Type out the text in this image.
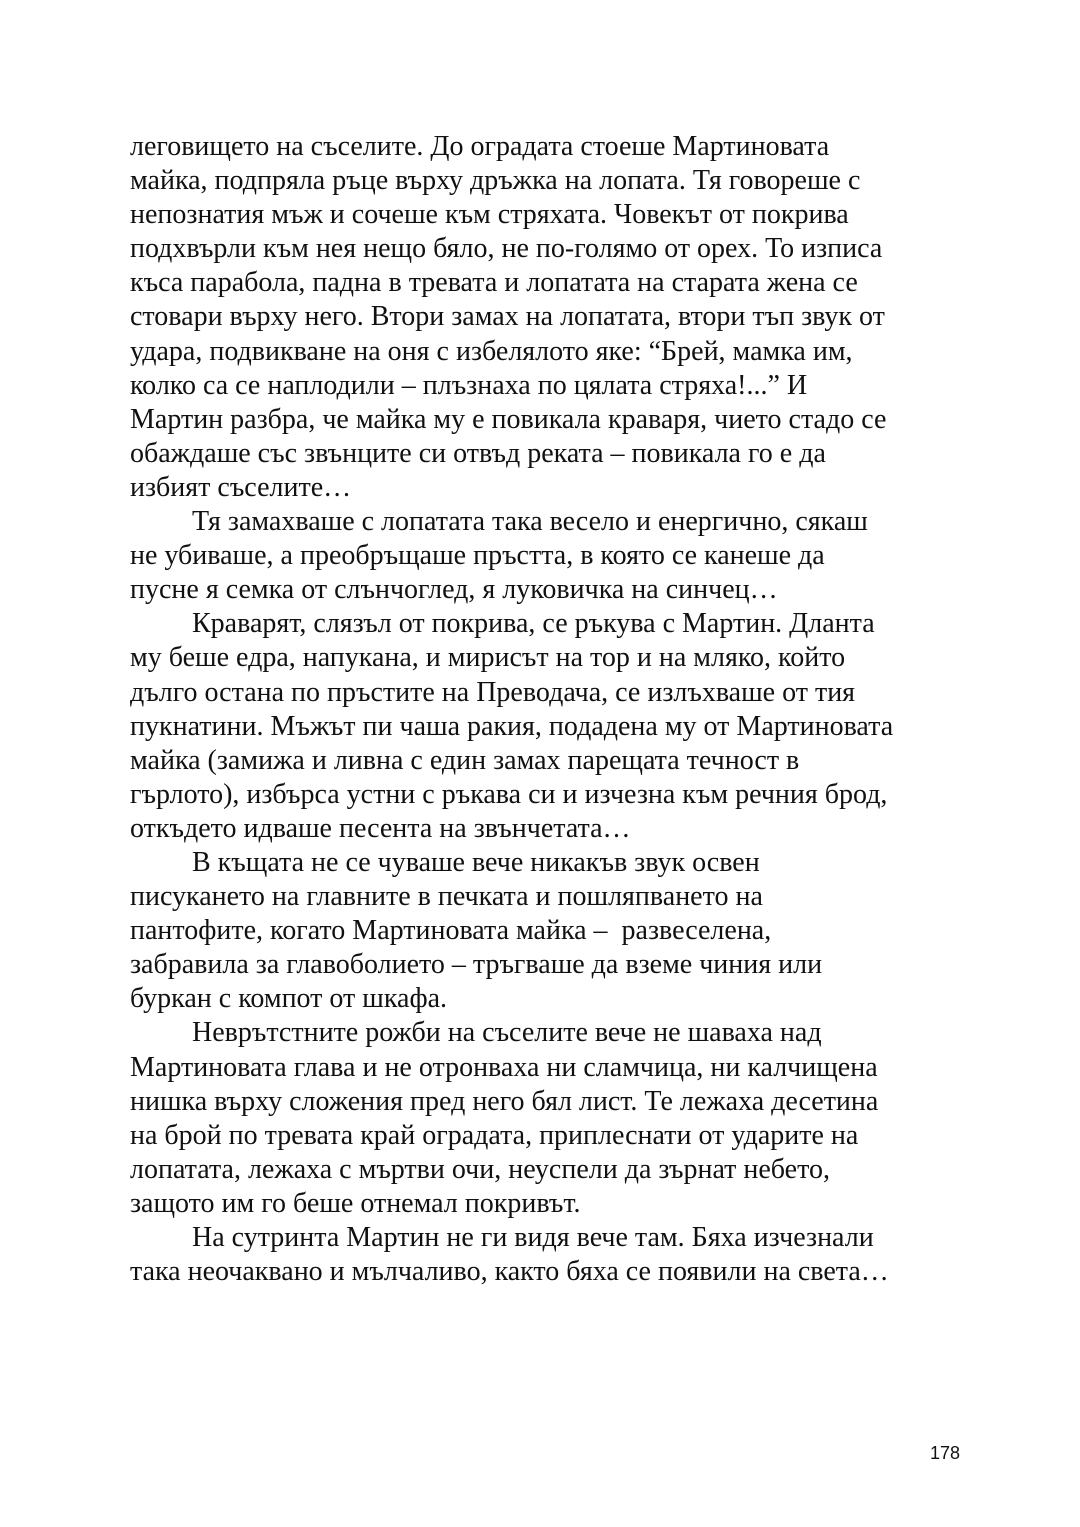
леговището на съселите. До оградата стоеше Мартиновата
майка, подпряла ръце върху дръжка на лопата. Тя говореше с
непознатия мъж и сочеше към стряхата. Човекът от покрива
подхвърли към нея нещо бяло, не по-голямо от орех. То изписа
къса парабола, падна в тревата и лопатата на старата жена се
стовари върху него. Втори замах на лопатата, втори тъп звук от
удара, подвикване на оня с избелялото яке: “Брей, мамка им,
колко са се наплодили – плъзнаха по цялата стряха!...” И
Мартин разбра, че майка му е повикала краваря, чието стадо се
обаждаше със звънците си отвъд реката – повикала го е да
избият съселите…

Тя замахваше с лопатата така весело и енергично, сякаш
не убиваше, а преобръщаше пръстта, в която се канеше да
пусне я семка от слънчоглед, я луковичка на синчец…

Краварят, слязъл от покрива, се ръкува с Мартин. Дланта
му беше едра, напукана, и мирисът на тор и на мляко, който
дълго остана по пръстите на Преводача, се излъхваше от тия
пукнатини. Мъжът пи чаша ракия, подадена му от Мартиновата
майка (замижа и ливна с един замах парещата течност в
гърлото), избърса устни с ръкава си и изчезна към речния брод,
откъдето идваше песента на звънчетата…

В къщата не се чуваше вече никакъв звук освен
писукането на главните в печката и пошляпването на
пантофите, когато Мартиновата майка –  развеселена,
забравила за главоболието – тръгваше да вземе чиния или
буркан с компот от шкафа.

Неврътстните рожби на съселите вече не шаваха над
Мартиновата глава и не отронваха ни сламчица, ни калчищена
нишка върху сложения пред него бял лист. Те лежаха десетина
на брой по тревата край оградата, приплеснати от ударите на
лопатата, лежаха с мъртви очи, неуспели да зърнат небето,
защото им го беше отнемал покривът.

На сутринта Мартин не ги видя вече там. Бяха изчезнали
така неочаквано и мълчаливо, както бяха се появили на света…

178
